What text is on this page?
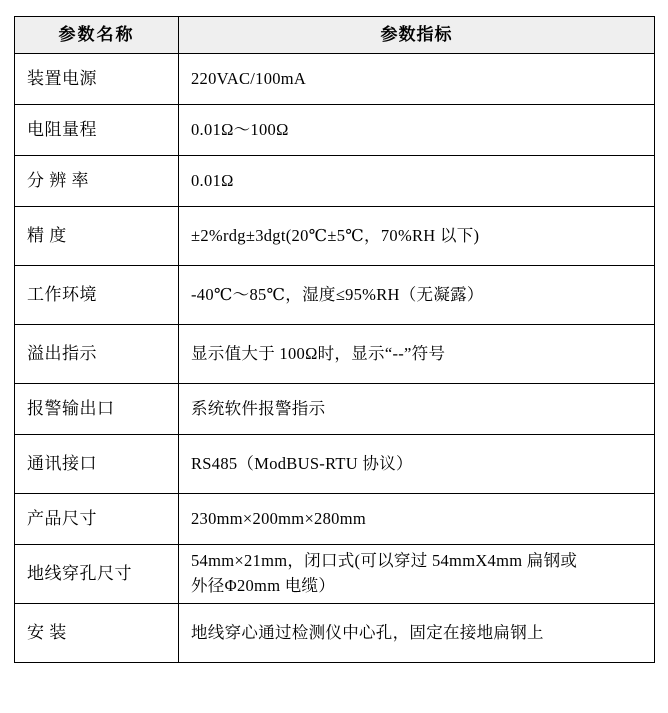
参数名称	参数指标
装置电源	220VAC/100mA
电阻量程	0.01Ω～100Ω
分 辨 率	0.01Ω
精 度	±2%rdg±3dgt(20℃±5℃，70%RH 以下)
工作环境	-40℃～85℃，湿度≤95%RH（无凝露）
溢出指示	显示值大于 100Ω时，显示“--”符号
报警输出口	系统软件报警指示
通讯接口	RS485（ModBUS-RTU 协议）
产品尺寸	230mm×200mm×280mm
地线穿孔尺寸	54mm×21mm，闭口式(可以穿过 54mmX4mm 扁钢或
外径Φ20mm 电缆）

安 装	地线穿心通过检测仪中心孔，固定在接地扁钢上
